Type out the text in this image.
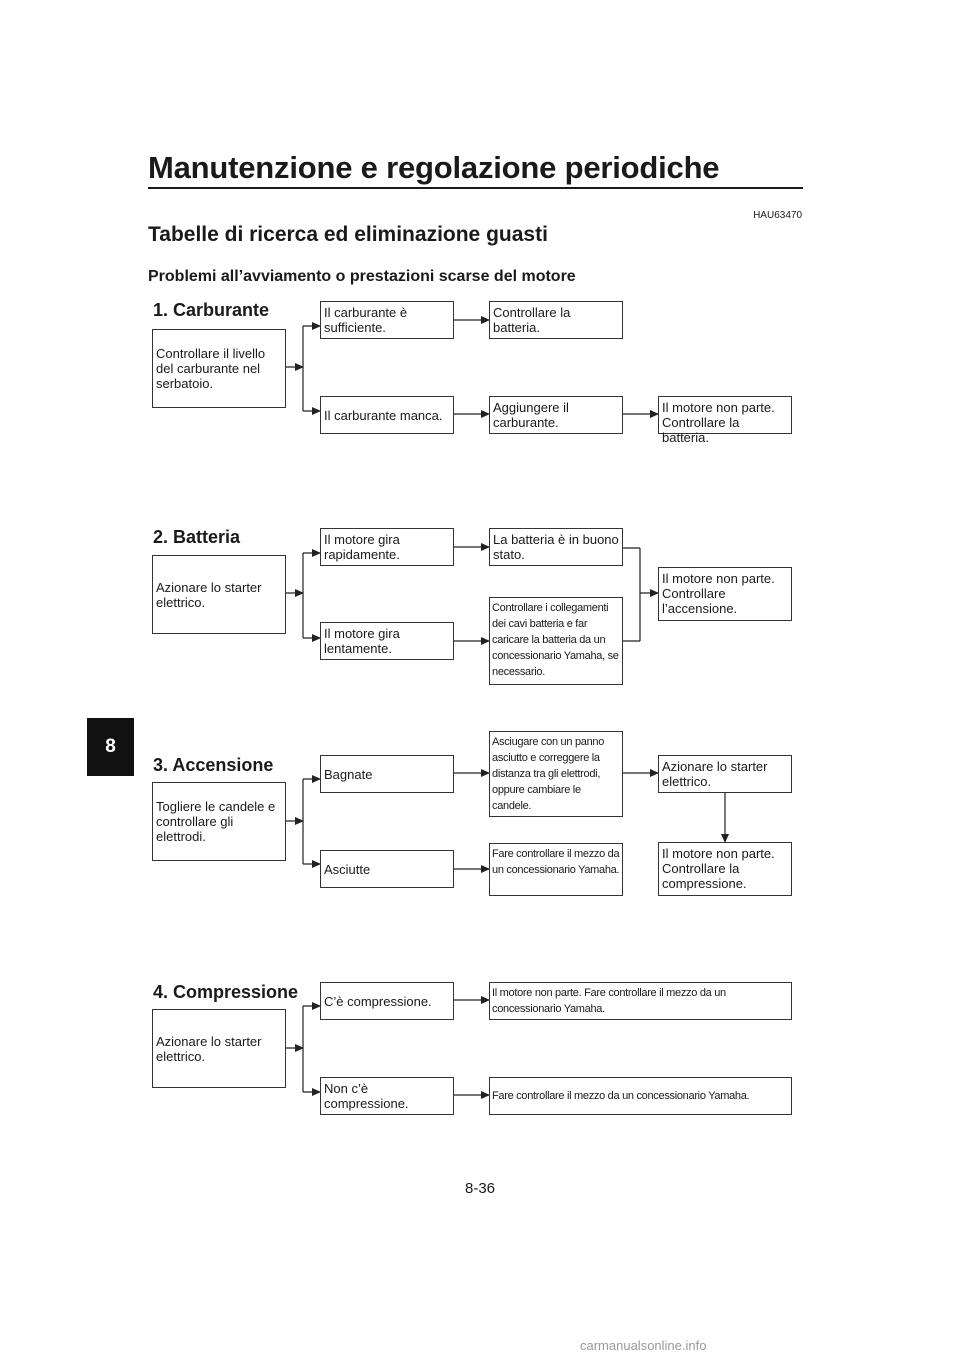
Manutenzione e regolazione periodiche
HAU63470
Tabelle di ricerca ed eliminazione guasti
Problemi all’avviamento o prestazioni scarse del motore
8
1. Carburante
Controllare il livello del carburante nel serbatoio.
Il carburante è sufficiente.
Controllare la batteria.
Il carburante manca.	Aggiungere il carburante.
Il motore non parte. Controllare la batteria.
2. Batteria
Azionare lo starter elettrico.
Il motore gira rapidamente.
La batteria è in buono stato.
Il motore gira lentamente.
Controllare i collegamenti dei cavi batteria e far caricare la batteria da un concessionario Yamaha, se necessario.
Il motore non parte. Controllare l’accensione.
3. Accensione
Togliere le candele e controllare gli elettrodi.
Bagnate
Asciugare con un panno asciutto e correggere la distanza tra gli elettrodi, oppure cambiare le candele.
Azionare lo starter elettrico.
Asciutte
Fare controllare il mezzo da un concessionario Yamaha.
Il motore non parte. Controllare la compressione.
4. Compressione
Azionare lo starter elettrico.
C’è compressione.
Il motore non parte. Fare controllare il mezzo da un concessionario Yamaha.
Non c’è compressione.	Fare controllare il mezzo da un concessionario Yamaha.
8-36
carmanualsonline.info
